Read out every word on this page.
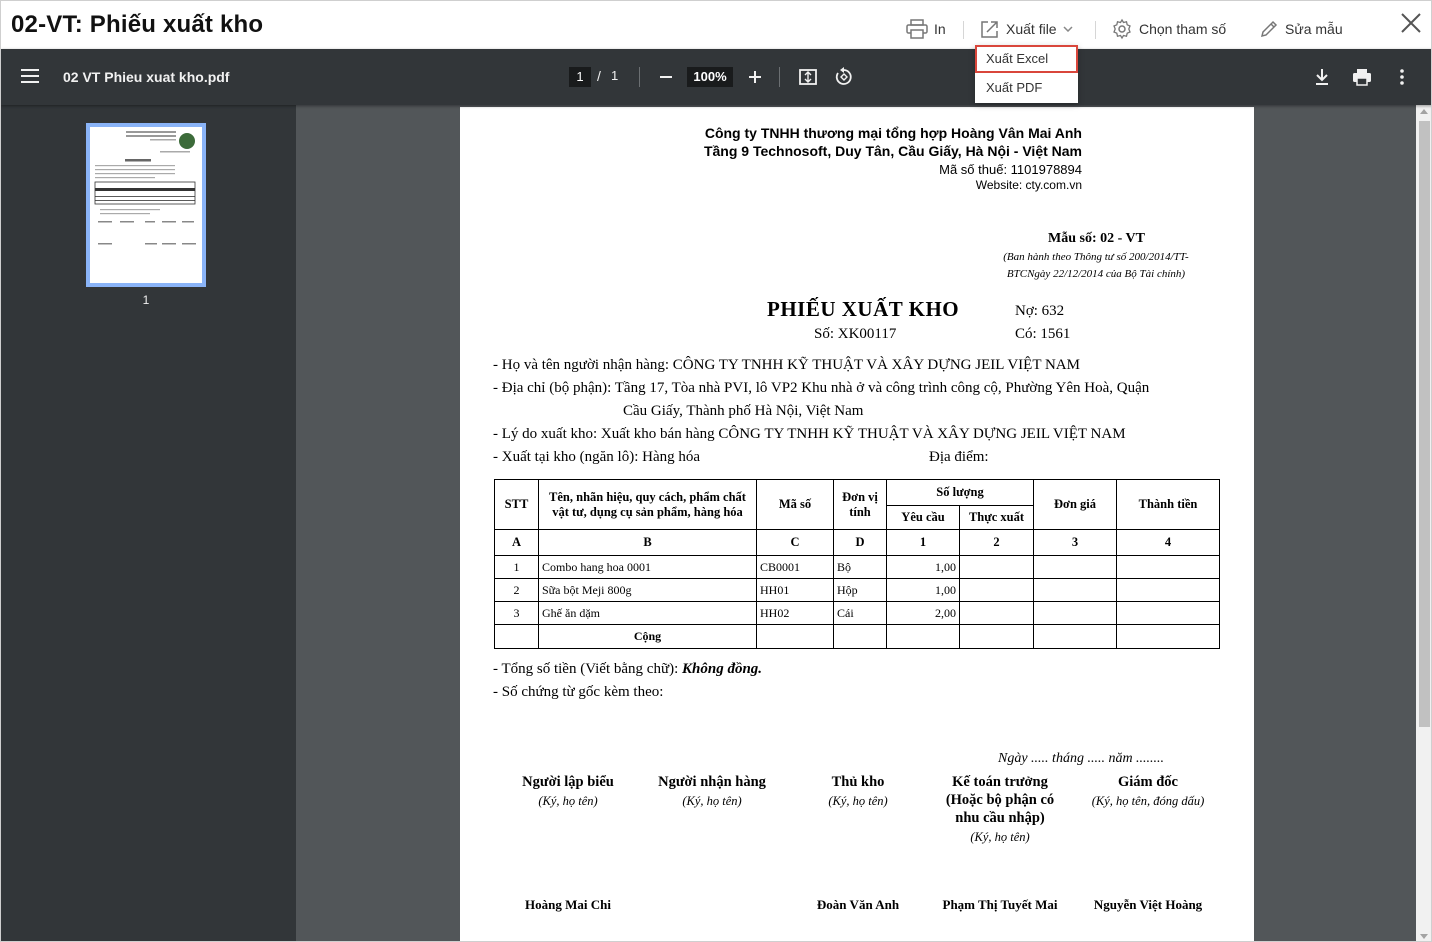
02-VT: Phiếu xuất kho	In	Xuất file	Chọn tham số	Sửa mẫu
Xuất Excel
Xuất PDF
02 VT Phieu xuat kho.pdf	1 / 1	100%
1
Công ty TNHH thương mại tổng hợp Hoàng Vân Mai Anh
Tầng 9 Technosoft, Duy Tân, Cầu Giấy, Hà Nội - Việt Nam
Mã số thuế: 1101978894
Website: cty.com.vn
Mẫu số: 02 - VT
(Ban hành theo Thông tư số 200/2014/TT-
BTCNgày 22/12/2014 của Bộ Tài chính)
PHIẾU XUẤT KHO
Số: XK00117
Nợ: 632
Có: 1561
- Họ và tên người nhận hàng: CÔNG TY TNHH KỸ THUẬT VÀ XÂY DỰNG JEIL VIỆT NAM
- Địa chỉ (bộ phận): Tầng 17, Tòa nhà PVI, lô VP2 Khu nhà ở và công trình công cộ, Phường Yên Hoà, Quận
Cầu Giấy, Thành phố Hà Nội, Việt Nam
- Lý do xuất kho: Xuất kho bán hàng CÔNG TY TNHH KỸ THUẬT VÀ XÂY DỰNG JEIL VIỆT NAM
- Xuất tại kho (ngăn lô): Hàng hóa	Địa điểm:
STT	Tên, nhãn hiệu, quy cách, phẩm chất vật tư, dụng cụ sản phẩm, hàng hóa	Mã số	Đơn vị tính	Số lượng		Đơn giá	Thành tiền
				Yêu cầu	Thực xuất		
A	B	C	D	1	2	3	4
1	Combo hang hoa 0001	CB0001	Bộ	1,00			
2	Sữa bột Meji 800g	HH01	Hộp	1,00			
3	Ghế ăn dặm	HH02	Cái	2,00			
	Cộng						
- Tổng số tiền (Viết bằng chữ): Không đồng.
- Số chứng từ gốc kèm theo:
Ngày ..... tháng ..... năm ........
Người lập biểu
(Ký, họ tên)
Người nhận hàng
(Ký, họ tên)
Thủ kho
(Ký, họ tên)
Kế toán trưởng (Hoặc bộ phận có nhu cầu nhập)
(Ký, họ tên)
Giám đốc
(Ký, họ tên, đóng dấu)
Hoàng Mai Chi	Đoàn Văn Anh	Phạm Thị Tuyết Mai	Nguyễn Việt Hoàng
